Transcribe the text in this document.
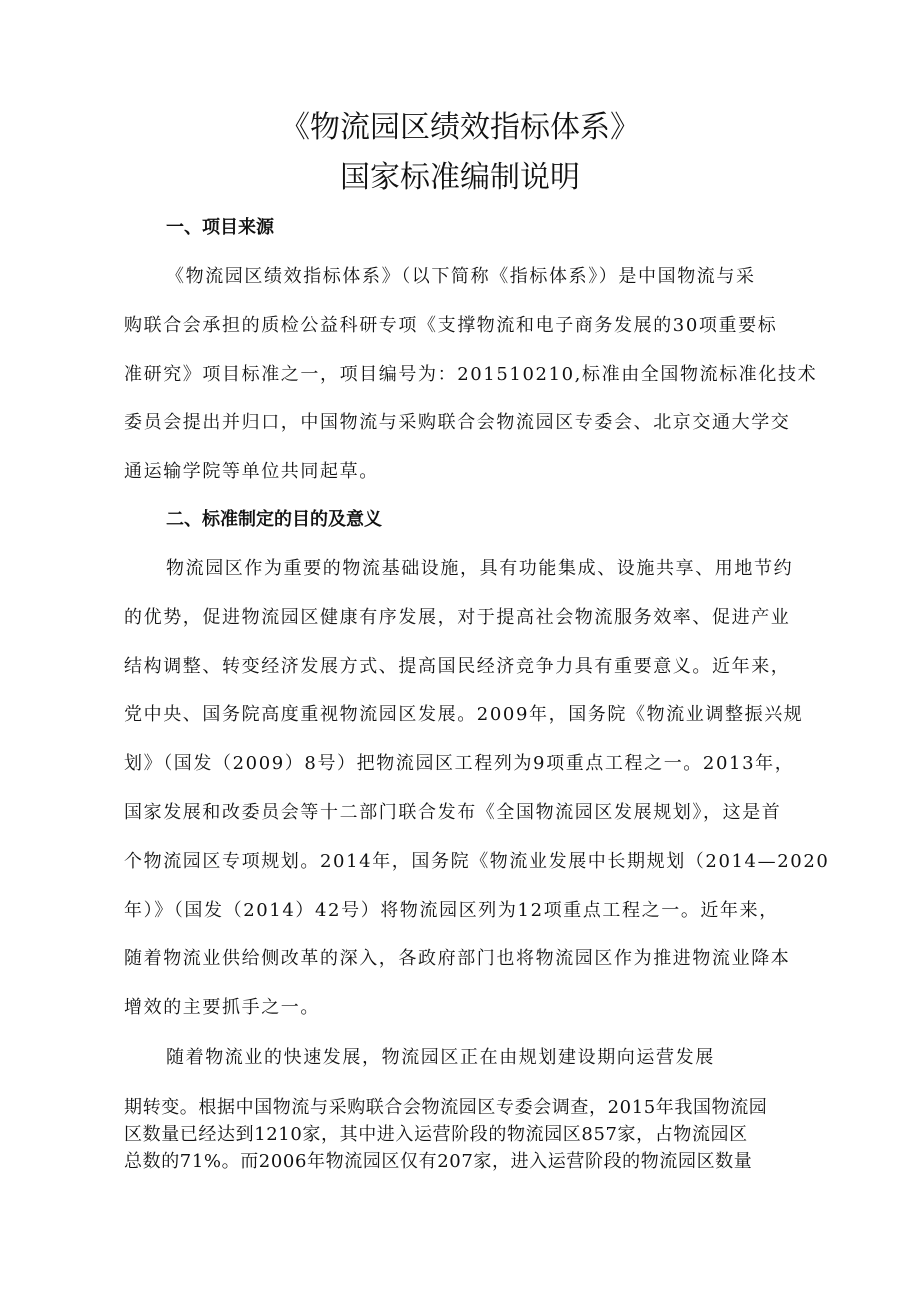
《物流园区绩效指标体系》
国家标准编制说明
一、项目来源
《物流园区绩效指标体系》（以下简称《指标体系》）是中国物流与采
购联合会承担的质检公益科研专项《支撑物流和电子商务发展的30项重要标
准研究》项目标准之一，项目编号为：201510210,标准由全国物流标准化技术
委员会提出并归口，中国物流与采购联合会物流园区专委会、北京交通大学交
通运输学院等单位共同起草。
二、标准制定的目的及意义
物流园区作为重要的物流基础设施，具有功能集成、设施共享、用地节约
的优势，促进物流园区健康有序发展，对于提高社会物流服务效率、促进产业
结构调整、转变经济发展方式、提高国民经济竞争力具有重要意义。近年来，
党中央、国务院高度重视物流园区发展。2009年，国务院《物流业调整振兴规
划》（国发（2009）8号）把物流园区工程列为9项重点工程之一。2013年，
国家发展和改委员会等十二部门联合发布《全国物流园区发展规划》，这是首
个物流园区专项规划。2014年，国务院《物流业发展中长期规划（2014—2020
年）》（国发（2014）42号）将物流园区列为12项重点工程之一。近年来，
随着物流业供给侧改革的深入，各政府部门也将物流园区作为推进物流业降本
增效的主要抓手之一。
随着物流业的快速发展，物流园区正在由规划建设期向运营发展
期转变。根据中国物流与采购联合会物流园区专委会调查，2015年我国物流园
区数量已经达到1210家，其中进入运营阶段的物流园区857家，占物流园区
总数的71%。而2006年物流园区仅有207家，进入运营阶段的物流园区数量
